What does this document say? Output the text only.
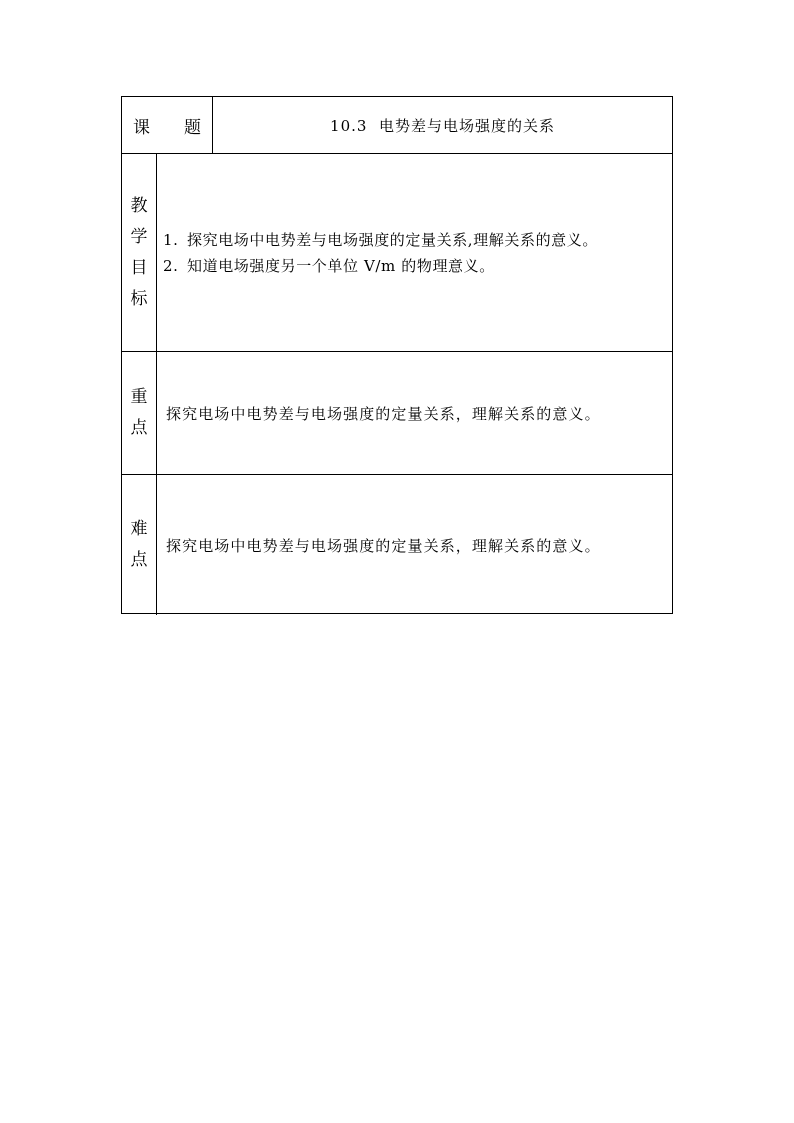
课 题	10.3  电势差与电场强度的关系
教
学
目
标
1. 探究电场中电势差与电场强度的定量关系,理解关系的意义。
2. 知道电场强度另一个单位 V/m 的物理意义。
重
点
探究电场中电势差与电场强度的定量关系，理解关系的意义。
难
点
探究电场中电势差与电场强度的定量关系，理解关系的意义。
